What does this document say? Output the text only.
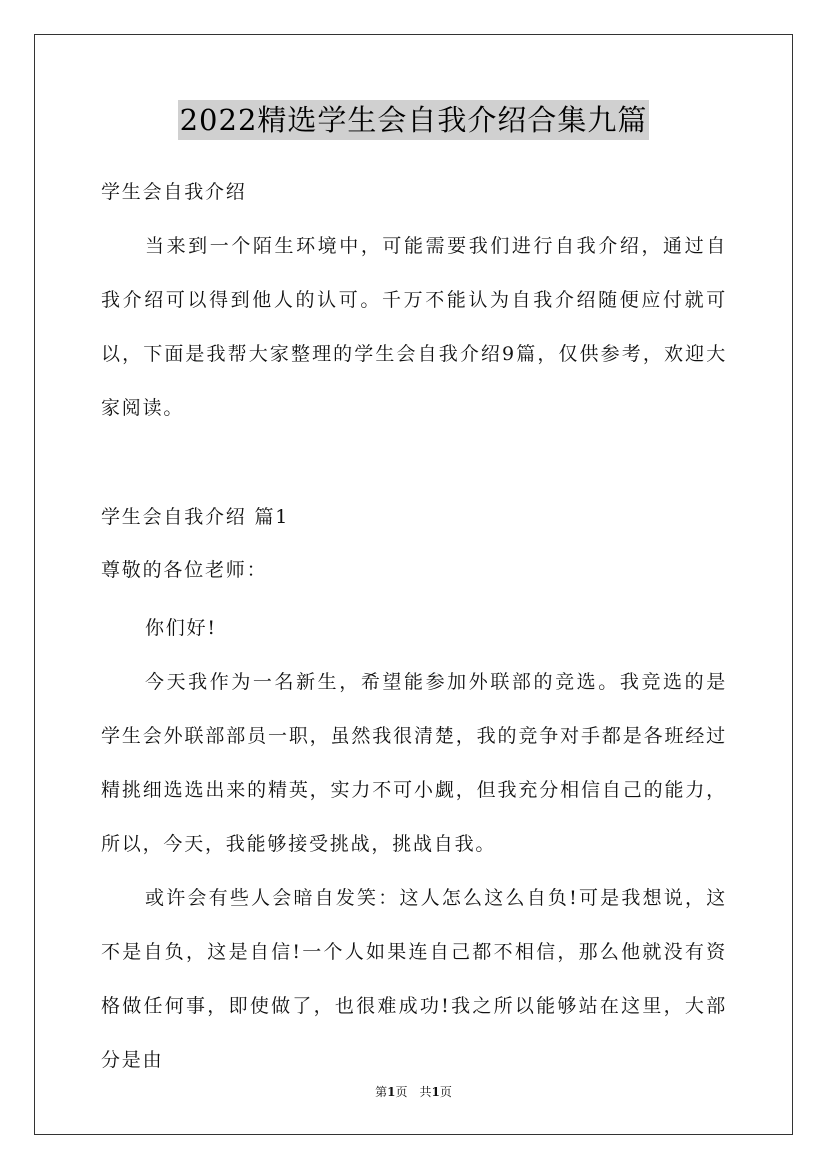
2022精选学生会自我介绍合集九篇

学生会自我介绍

当来到一个陌生环境中，可能需要我们进行自我介绍，通过自我介绍可以得到他人的认可。千万不能认为自我介绍随便应付就可以，下面是我帮大家整理的学生会自我介绍9篇，仅供参考，欢迎大家阅读。

学生会自我介绍 篇1

尊敬的各位老师：

你们好!

今天我作为一名新生，希望能参加外联部的竞选。我竞选的是学生会外联部部员一职，虽然我很清楚，我的竞争对手都是各班经过精挑细选选出来的精英，实力不可小觑，但我充分相信自己的能力，所以，今天，我能够接受挑战，挑战自我。

或许会有些人会暗自发笑：这人怎么这么自负!可是我想说，这不是自负，这是自信!一个人如果连自己都不相信，那么他就没有资格做任何事，即使做了，也很难成功!我之所以能够站在这里，大部分是由

第1页　共1页
